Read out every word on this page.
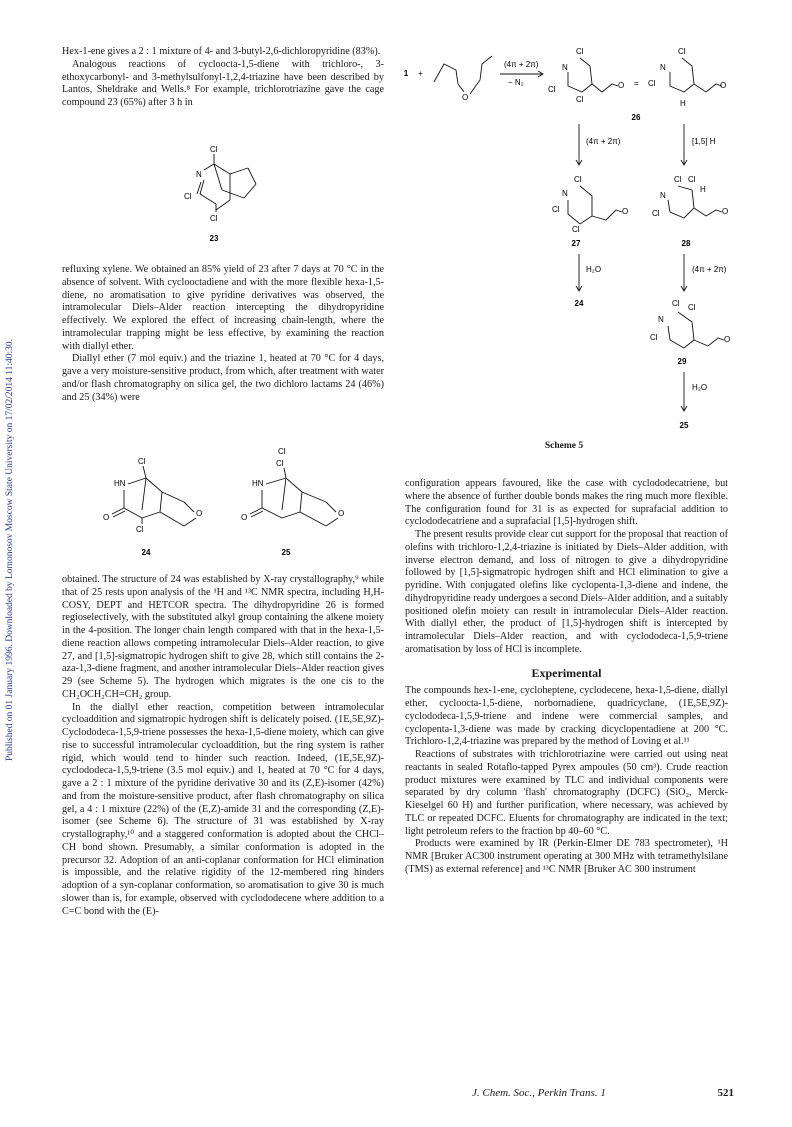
Published on 01 January 1996. Downloaded by Lomonosov Moscow State University on 17/02/2014 11:40:30.

Hex-1-ene gives a 2 : 1 mixture of 4- and 3-butyl-2,6-dichloropyridine (83%).

Analogous reactions of cycloocta-1,5-diene with trichloro-, 3-ethoxycarbonyl- and 3-methylsulfonyl-1,2,4-triazine have been described by Lantos, Sheldrake and Wells.⁸ For example, trichlorotriazine gave the cage compound 23 (65%) after 3 h in

Cl
N
Cl
Cl
23

refluxing xylene. We obtained an 85% yield of 23 after 7 days at 70 °C in the absence of solvent. With cyclooctadiene and with the more flexible hexa-1,5-diene, no aromatisation to give pyridine derivatives was observed, the intramolecular Diels–Alder reaction intercepting the dihydropyridine effectively. We explored the effect of increasing chain-length, where the intramolecular trapping might be less effective, by examining the reaction with diallyl ether.

Diallyl ether (7 mol equiv.) and the triazine 1, heated at 70 °C for 4 days, gave a very moisture-sensitive product, from which, after treatment with water and/or flash chromatography on silica gel, the two dichloro lactams 24 (46%) and 25 (34%) were

Cl
HN
O	O
Cl
24
Cl
Cl
HN
O	O
25

obtained. The structure of 24 was established by X-ray crystallography,⁹ while that of 25 rests upon analysis of the ¹H and ¹³C NMR spectra, including H,H-COSY, DEPT and HETCOR spectra. The dihydropyridine 26 is formed regioselectively, with the substituted alkyl group containing the alkene moiety in the 4-position. The longer chain length compared with that in the hexa-1,5-diene reaction allows competing intramolecular Diels–Alder reaction, to give 27, and [1,5]-sigmatropic hydrogen shift to give 28, which still contains the 2-aza-1,3-diene fragment, and another intramolecular Diels–Alder reaction gives 29 (see Scheme 5). The hydrogen which migrates is the one cis to the CH₂OCH₂CH=CH₂ group.

In the diallyl ether reaction, competition between intramolecular cycloaddition and sigmatropic hydrogen shift is delicately poised. (1E,5E,9Z)-Cyclododeca-1,5,9-triene possesses the hexa-1,5-diene moiety, which can give rise to successful intramolecular cycloaddition, but the ring system is rather rigid, which would tend to hinder such reaction. Indeed, (1E,5E,9Z)-cyclododeca-1,5,9-triene (3.5 mol equiv.) and 1, heated at 70 °C for 4 days, gave a 2 : 1 mixture of the pyridine derivative 30 and its (Z,E)-isomer (42%) and from the moisture-sensitive product, after flash chromatography on silica gel, a 4 : 1 mixture (22%) of the (E,Z)-amide 31 and the corresponding (Z,E)-isomer (see Scheme 6). The structure of 31 was established by X-ray crystallography,¹⁰ and a staggered conformation is adopted about the CHCl–CH bond shown. Presumably, a similar conformation is adopted in the precursor 32. Adoption of an anti-coplanar conformation for HCl elimination is impossible, and the relative rigidity of the 12-membered ring hinders adoption of a syn-coplanar conformation, so aromatisation to give 30 is much slower than is, for example, observed with cyclododecene where addition to a C=C bond with the (E)-

1 +
O
(4π + 2π)
− N₂
Cl
N
Cl
Cl
O =
Cl
N
Cl
H
O
26
(4π + 2π)	[1,5] H
Cl
N
Cl
Cl
O
27
Cl Cl
H
N
Cl	O
28
H₂O
24
(4π + 2π)
Cl Cl
N
Cl	O
29
H₂O
25
Scheme 5

configuration appears favoured, like the case with cyclododecatriene, but where the absence of further double bonds makes the ring much more flexible. The configuration found for 31 is as expected for suprafacial addition to cyclododecatriene and a suprafacial [1,5]-hydrogen shift.

The present results provide clear cut support for the proposal that reaction of olefins with trichloro-1,2,4-triazine is initiated by Diels–Alder addition, with inverse electron demand, and loss of nitrogen to give a dihydropyridine followed by [1,5]-sigmatropic hydrogen shift and HCl elimination to give a pyridine. With conjugated olefins like cyclopenta-1,3-diene and indene, the dihydropyridine ready undergoes a second Diels–Alder addition, and a suitably positioned olefin moiety can result in intramolecular Diels–Alder reaction. With diallyl ether, the product of [1,5]-hydrogen shift is intercepted by intramolecular Diels–Alder reaction, and with cyclododeca-1,5,9-triene aromatisation by loss of HCl is incomplete.

Experimental

The compounds hex-1-ene, cycloheptene, cyclodecene, hexa-1,5-diene, diallyl ether, cycloocta-1,5-diene, norbornadiene, quadricyclane, (1E,5E,9Z)-cyclododeca-1,5,9-triene and indene were commercial samples, and cyclopenta-1,3-diene was made by cracking dicyclopentadiene at 200 °C. Trichloro-1,2,4-triazine was prepared by the method of Loving et al.¹¹

Reactions of substrates with trichlorotriazine were carried out using neat reactants in sealed Rotaflo-tapped Pyrex ampoules (50 cm³). Crude reaction product mixtures were examined by TLC and individual components were separated by dry column 'flash' chromatography (DCFC) (SiO₂, Merck-Kieselgel 60 H) and further purification, where necessary, was achieved by TLC or repeated DCFC. Eluents for chromatography are indicated in the text; light petroleum refers to the fraction bp 40–60 °C.

Products were examined by IR (Perkin-Elmer DE 783 spectrometer), ¹H NMR [Bruker AC300 instrument operating at 300 MHz with tetramethylsilane (TMS) as external reference] and ¹³C NMR [Bruker AC 300 instrument

J. Chem. Soc., Perkin Trans. 1	521
